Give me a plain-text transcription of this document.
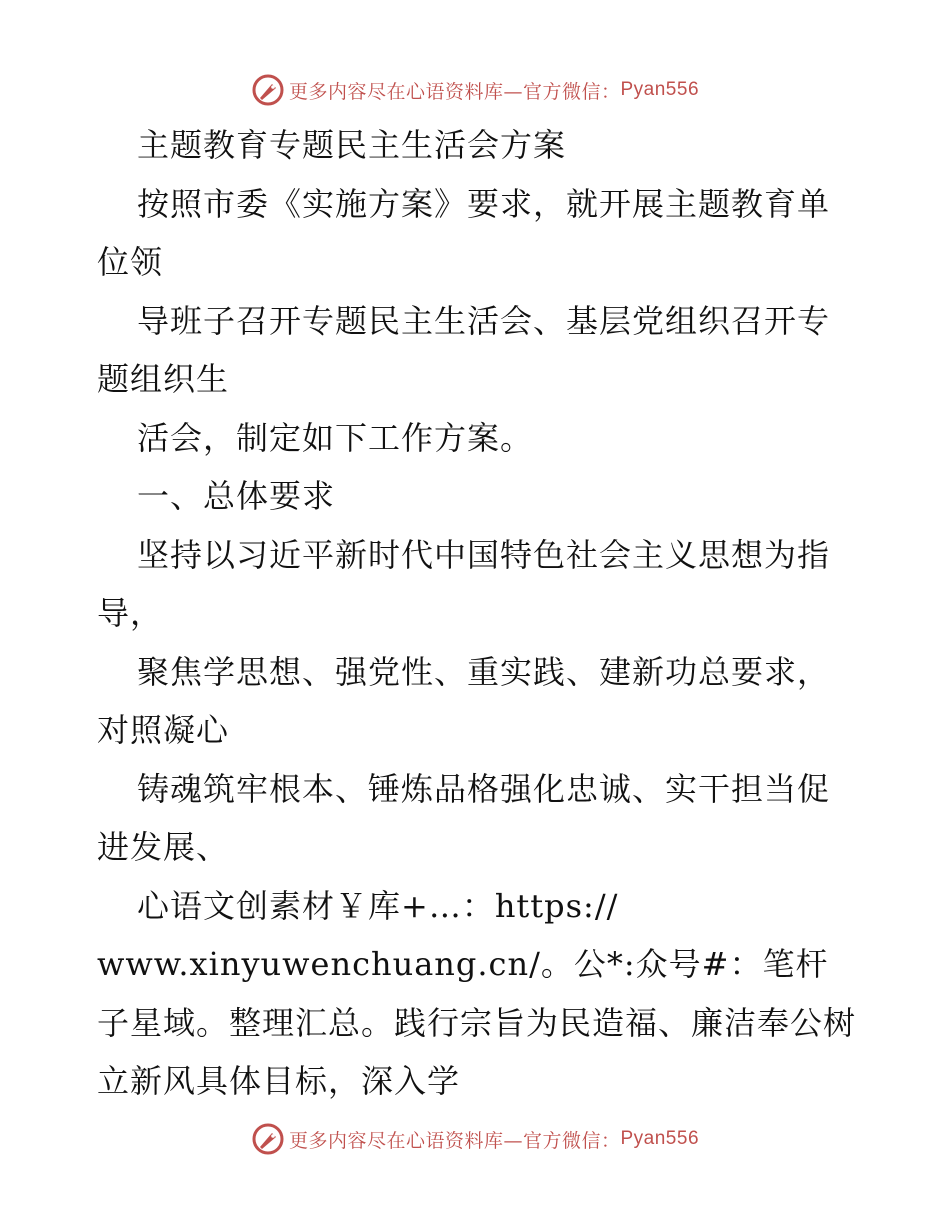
更多内容尽在心语资料库—官方微信： Pyan556

主题教育专题民主生活会方案

按照市委《实施方案》要求，就开展主题教育单位领

导班子召开专题民主生活会、基层党组织召开专题组织生

活会，制定如下工作方案。

一、总体要求

坚持以习近平新时代中国特色社会主义思想为指导，

聚焦学思想、强党性、重实践、建新功总要求，对照凝心

铸魂筑牢根本、锤炼品格强化忠诚、实干担当促进发展、

心语文创素材￥库+…：https://

www.xinyuwenchuang.cn/。公*:众号#：笔杆子星域。整理汇总。践行宗旨为民造福、廉洁奉公树立新风具体目标，深入学

更多内容尽在心语资料库—官方微信： Pyan556
